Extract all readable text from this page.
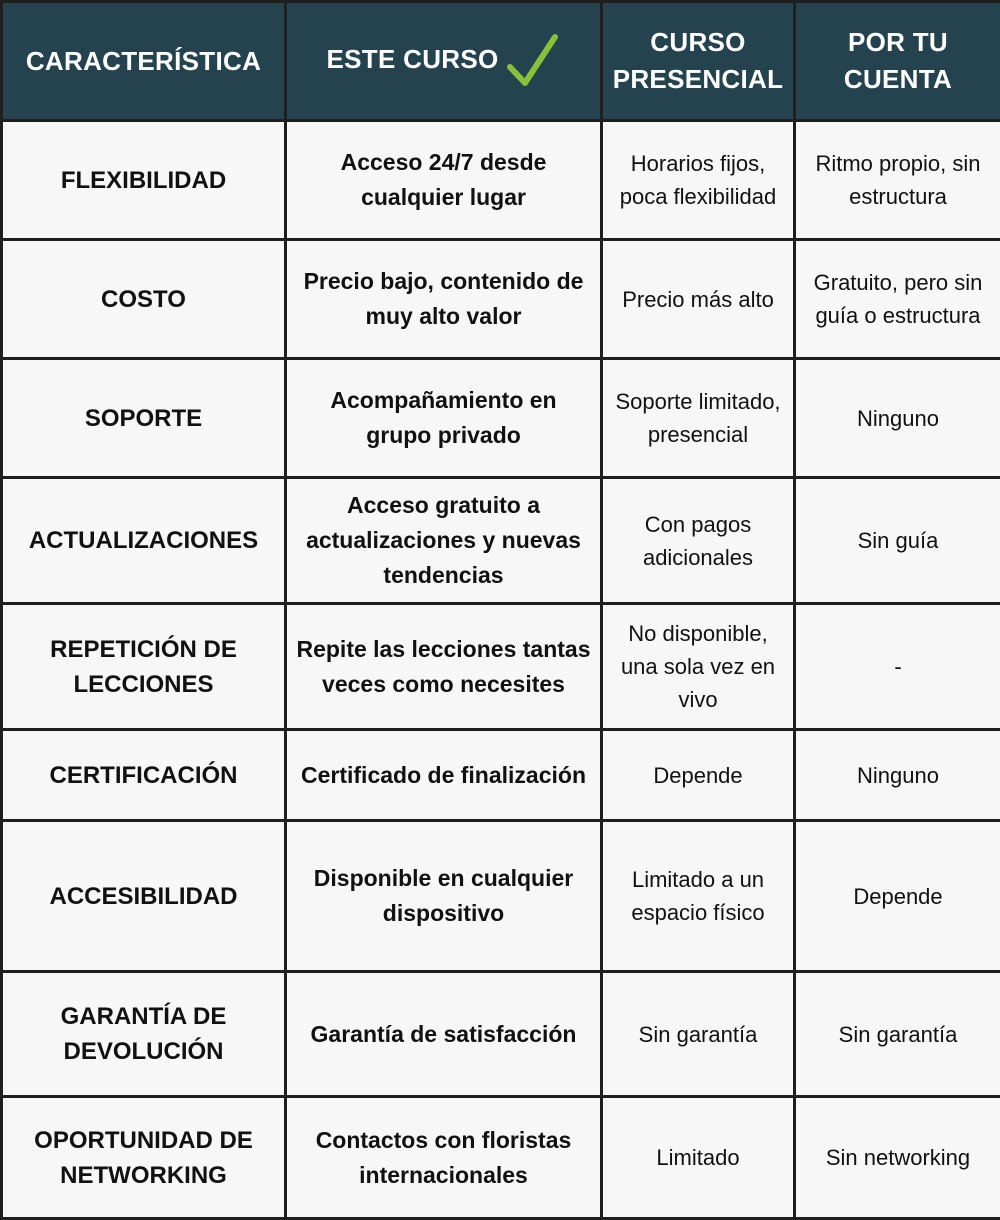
CARACTERÍSTICA	ESTE CURSO	CURSO PRESENCIAL	POR TU CUENTA
FLEXIBILIDAD	Acceso 24/7 desde cualquier lugar	Horarios fijos, poca flexibilidad	Ritmo propio, sin estructura
COSTO	Precio bajo, contenido de muy alto valor	Precio más alto	Gratuito, pero sin guía o estructura
SOPORTE	Acompañamiento en grupo privado	Soporte limitado, presencial	Ninguno
ACTUALIZACIONES	Acceso gratuito a actualizaciones y nuevas tendencias	Con pagos adicionales	Sin guía
REPETICIÓN DE LECCIONES	Repite las lecciones tantas veces como necesites	No disponible, una sola vez en vivo	-
CERTIFICACIÓN	Certificado de finalización	Depende	Ninguno
ACCESIBILIDAD	Disponible en cualquier dispositivo	Limitado a un espacio físico	Depende
GARANTÍA DE DEVOLUCIÓN	Garantía de satisfacción	Sin garantía	Sin garantía
OPORTUNIDAD DE NETWORKING	Contactos con floristas internacionales	Limitado	Sin networking
